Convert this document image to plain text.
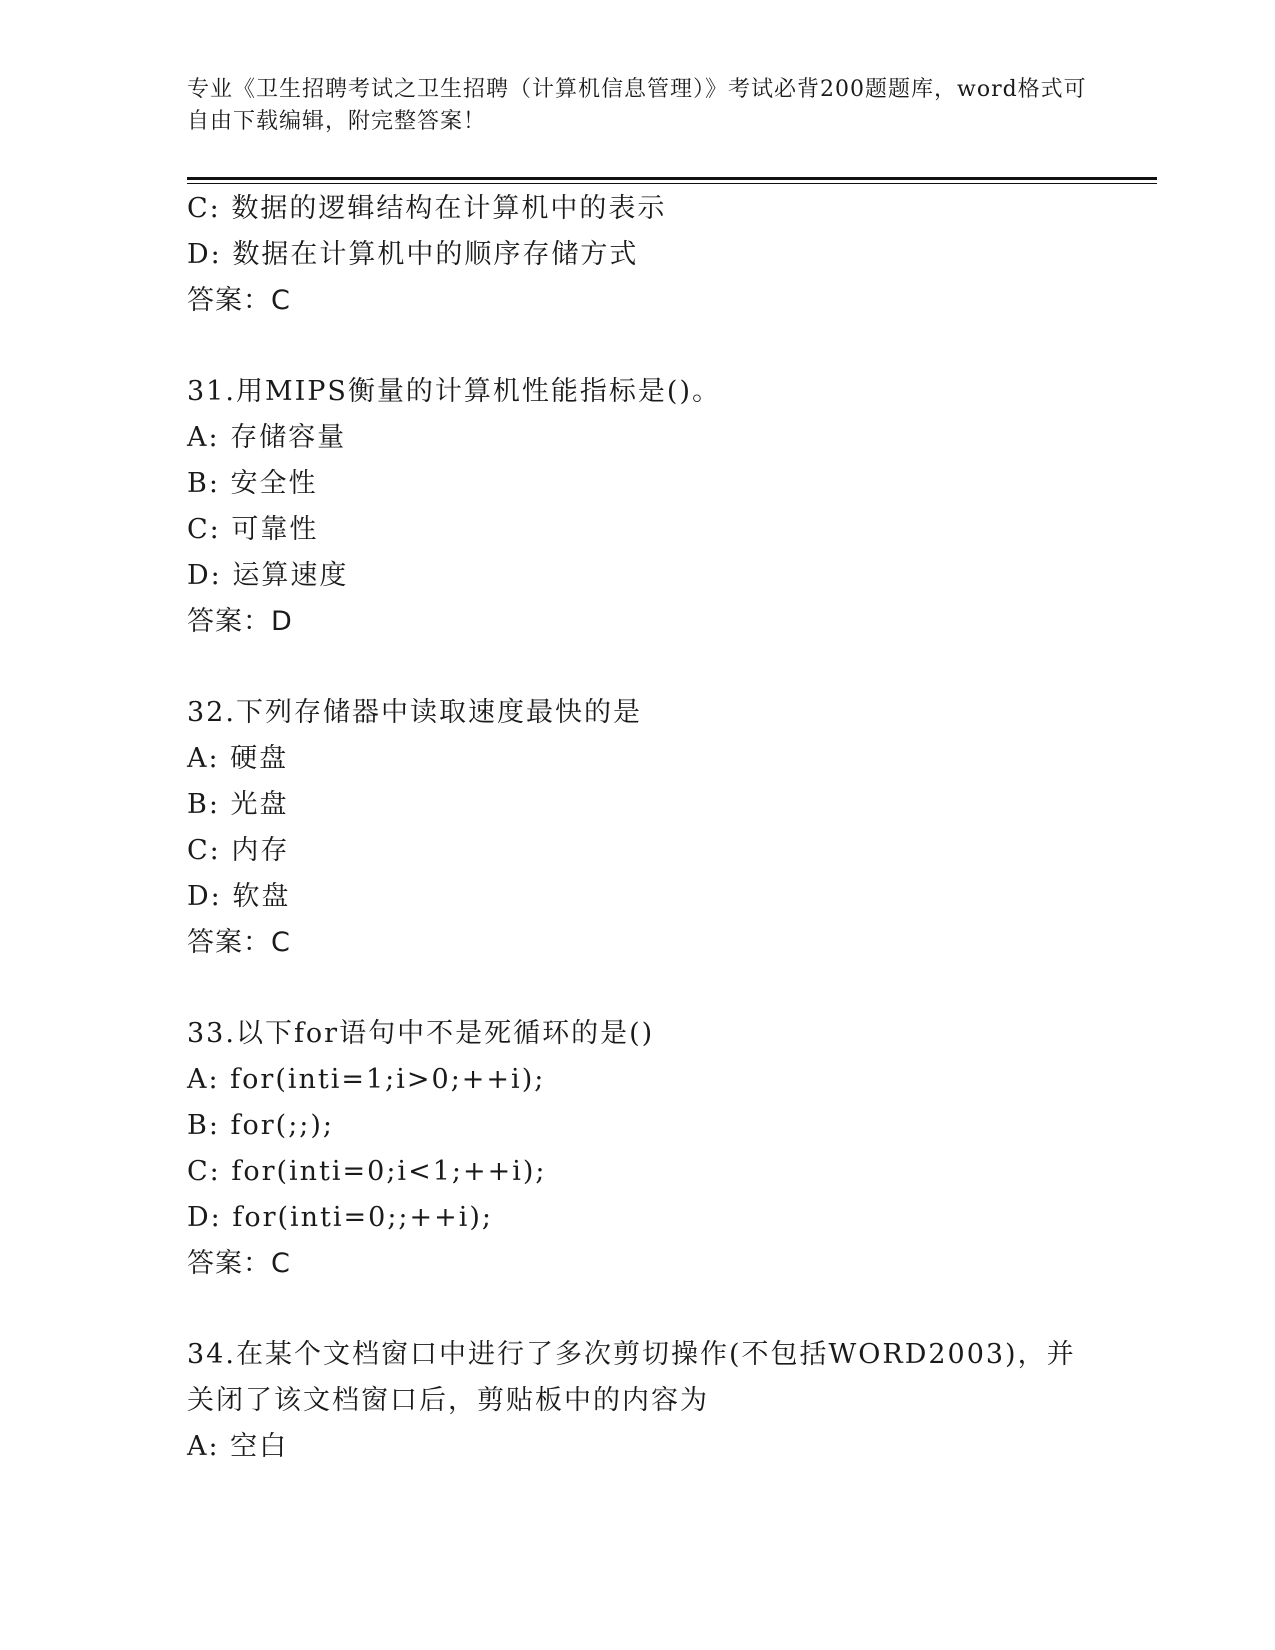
专业《卫生招聘考试之卫生招聘（计算机信息管理）》考试必背200题题库，word格式可自由下载编辑，附完整答案！
C: 数据的逻辑结构在计算机中的表示
D: 数据在计算机中的顺序存储方式
答案：C
31.用MIPS衡量的计算机性能指标是()。
A: 存储容量
B: 安全性
C: 可靠性
D: 运算速度
答案：D
32.下列存储器中读取速度最快的是
A: 硬盘
B: 光盘
C: 内存
D: 软盘
答案：C
33.以下for语句中不是死循环的是()
A: for(inti=1;i>0;++i);
B: for(;;);
C: for(inti=0;i<1;++i);
D: for(inti=0;;++i);
答案：C
34.在某个文档窗口中进行了多次剪切操作(不包括WORD2003)，并关闭了该文档窗口后，剪贴板中的内容为
A: 空白
